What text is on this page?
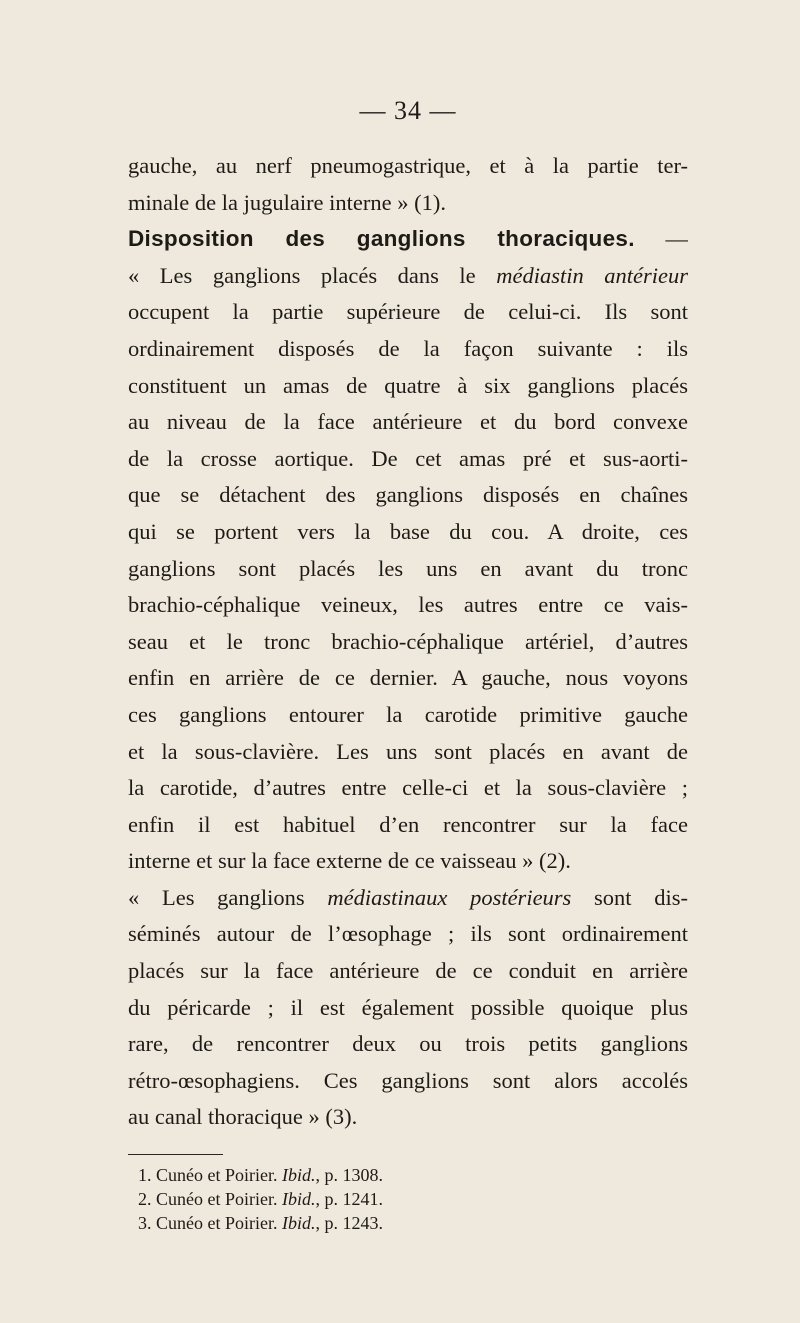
— 34 —
gauche, au nerf pneumogastrique, et à la partie ter-
minale de la jugulaire interne » (1).
Disposition des ganglions thoraciques. —
« Les ganglions placés dans le médiastin antérieur
occupent la partie supérieure de celui-ci. Ils sont
ordinairement disposés de la façon suivante : ils
constituent un amas de quatre à six ganglions placés
au niveau de la face antérieure et du bord convexe
de la crosse aortique. De cet amas pré et sus-aorti-
que se détachent des ganglions disposés en chaînes
qui se portent vers la base du cou. A droite, ces
ganglions sont placés les uns en avant du tronc
brachio-céphalique veineux, les autres entre ce vais-
seau et le tronc brachio-céphalique artériel, d’autres
enfin en arrière de ce dernier. A gauche, nous voyons
ces ganglions entourer la carotide primitive gauche
et la sous-clavière. Les uns sont placés en avant de
la carotide, d’autres entre celle-ci et la sous-clavière ;
enfin il est habituel d’en rencontrer sur la face
interne et sur la face externe de ce vaisseau » (2).
« Les ganglions médiastinaux postérieurs sont dis-
séminés autour de l’œsophage ; ils sont ordinairement
placés sur la face antérieure de ce conduit en arrière
du péricarde ; il est également possible quoique plus
rare, de rencontrer deux ou trois petits ganglions
rétro-œsophagiens. Ces ganglions sont alors accolés
au canal thoracique » (3).
1. Cunéo et Poirier. Ibid., p. 1308.
2. Cunéo et Poirier. Ibid., p. 1241.
3. Cunéo et Poirier. Ibid., p. 1243.
